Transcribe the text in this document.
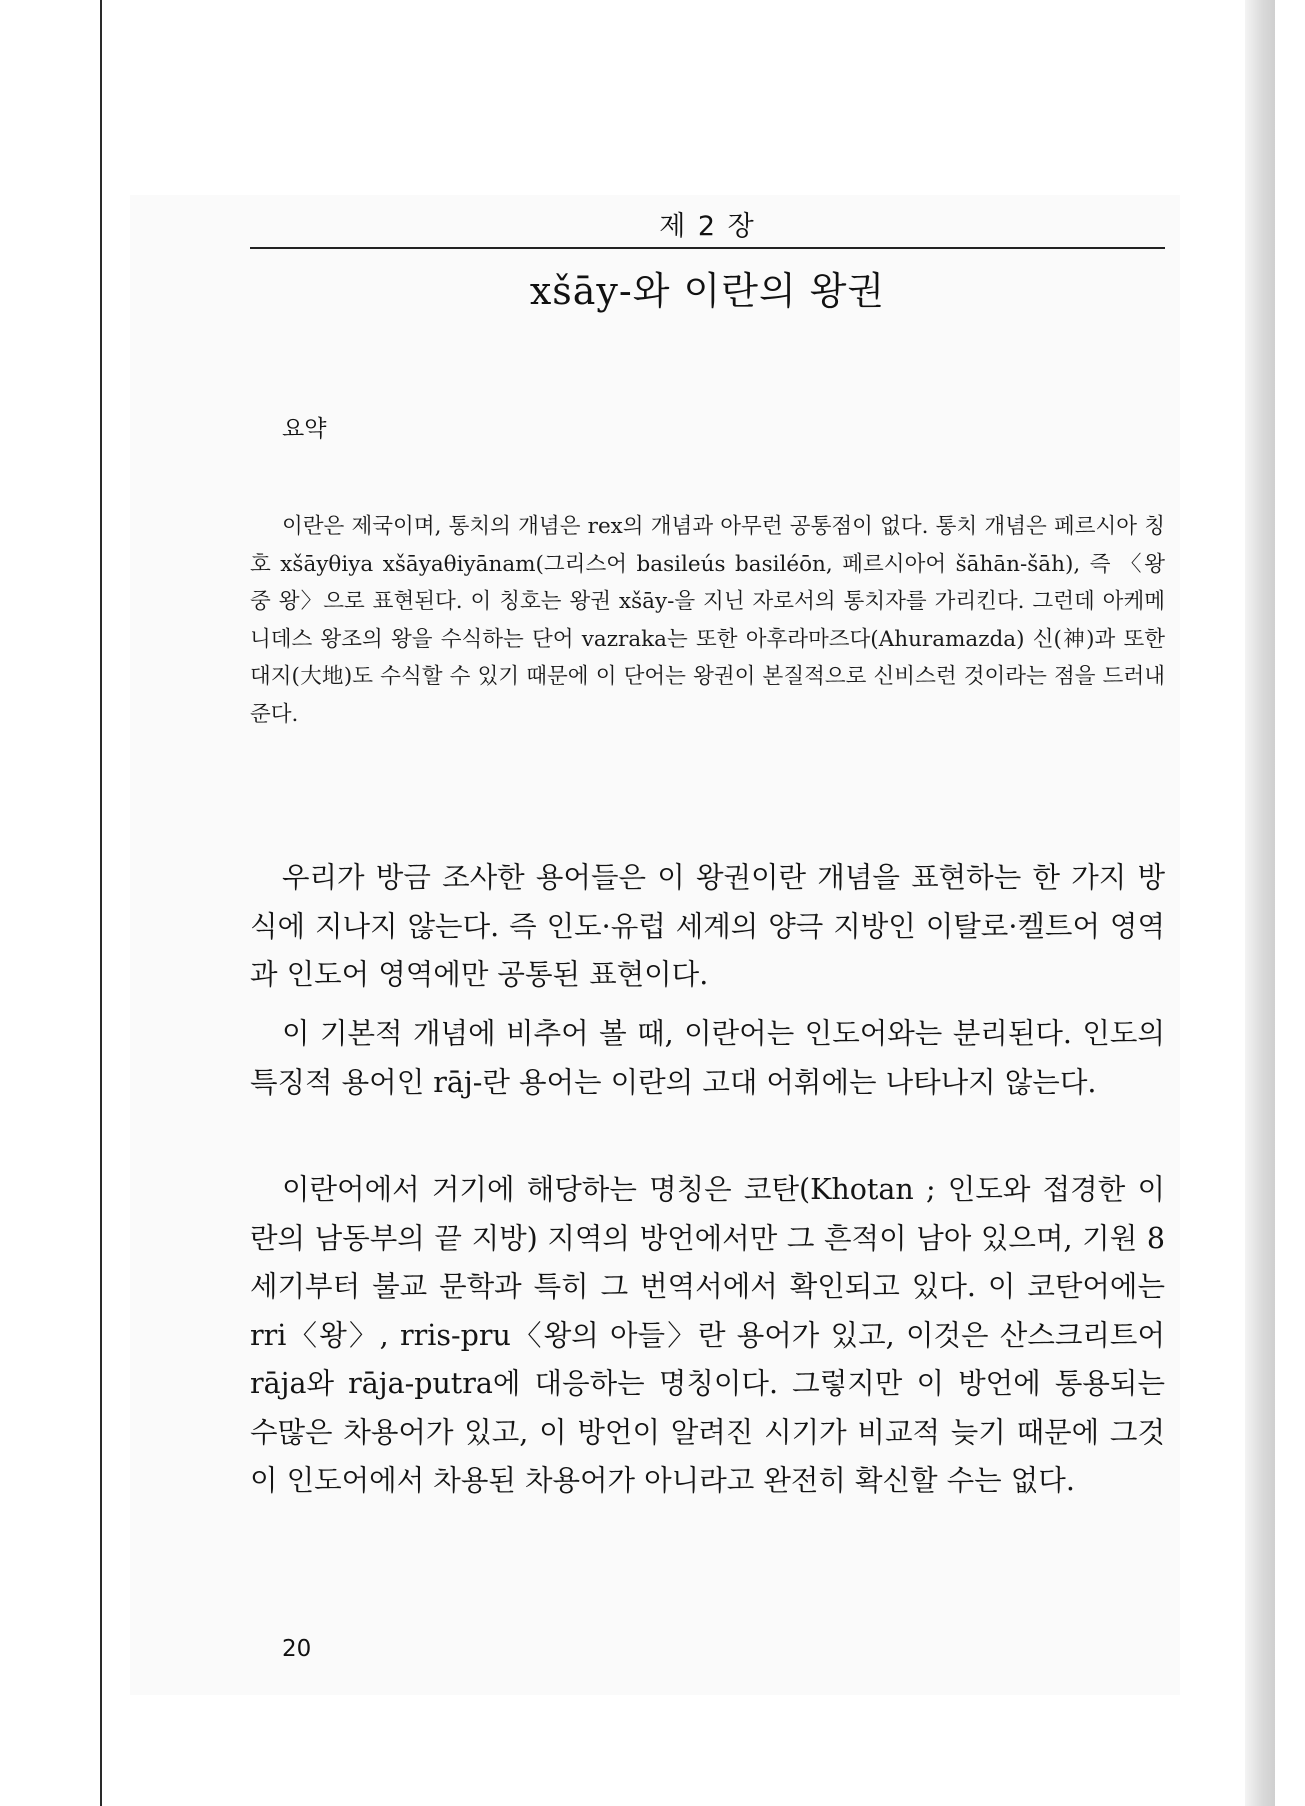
제 2 장
xšāy-와 이란의 왕권
요약

이란은 제국이며, 통치의 개념은 rex의 개념과 아무런 공통점이 없다. 통치 개념은 페르시아 칭호 xšāyθiya xšāyaθiyānam(그리스어 basileús basiléōn, 페르시아어 šāhān-šāh), 즉 〈왕 중 왕〉으로 표현된다. 이 칭호는 왕권 xšāy-을 지닌 자로서의 통치자를 가리킨다. 그런데 아케메니데스 왕조의 왕을 수식하는 단어 vazraka는 또한 아후라마즈다(Ahuramazda) 신(神)과 또한 대지(大地)도 수식할 수 있기 때문에 이 단어는 왕권이 본질적으로 신비스런 것이라는 점을 드러내 준다.

우리가 방금 조사한 용어들은 이 왕권이란 개념을 표현하는 한 가지 방식에 지나지 않는다. 즉 인도·유럽 세계의 양극 지방인 이탈로·켈트어 영역과 인도어 영역에만 공통된 표현이다.

이 기본적 개념에 비추어 볼 때, 이란어는 인도어와는 분리된다. 인도의 특징적 용어인 rāj-란 용어는 이란의 고대 어휘에는 나타나지 않는다.

이란어에서 거기에 해당하는 명칭은 코탄(Khotan ; 인도와 접경한 이란의 남동부의 끝 지방) 지역의 방언에서만 그 흔적이 남아 있으며, 기원 8세기부터 불교 문학과 특히 그 번역서에서 확인되고 있다. 이 코탄어에는 rri〈왕〉, rris-pru〈왕의 아들〉란 용어가 있고, 이것은 산스크리트어 rāja와 rāja-putra에 대응하는 명칭이다. 그렇지만 이 방언에 통용되는 수많은 차용어가 있고, 이 방언이 알려진 시기가 비교적 늦기 때문에 그것이 인도어에서 차용된 차용어가 아니라고 완전히 확신할 수는 없다.

20
